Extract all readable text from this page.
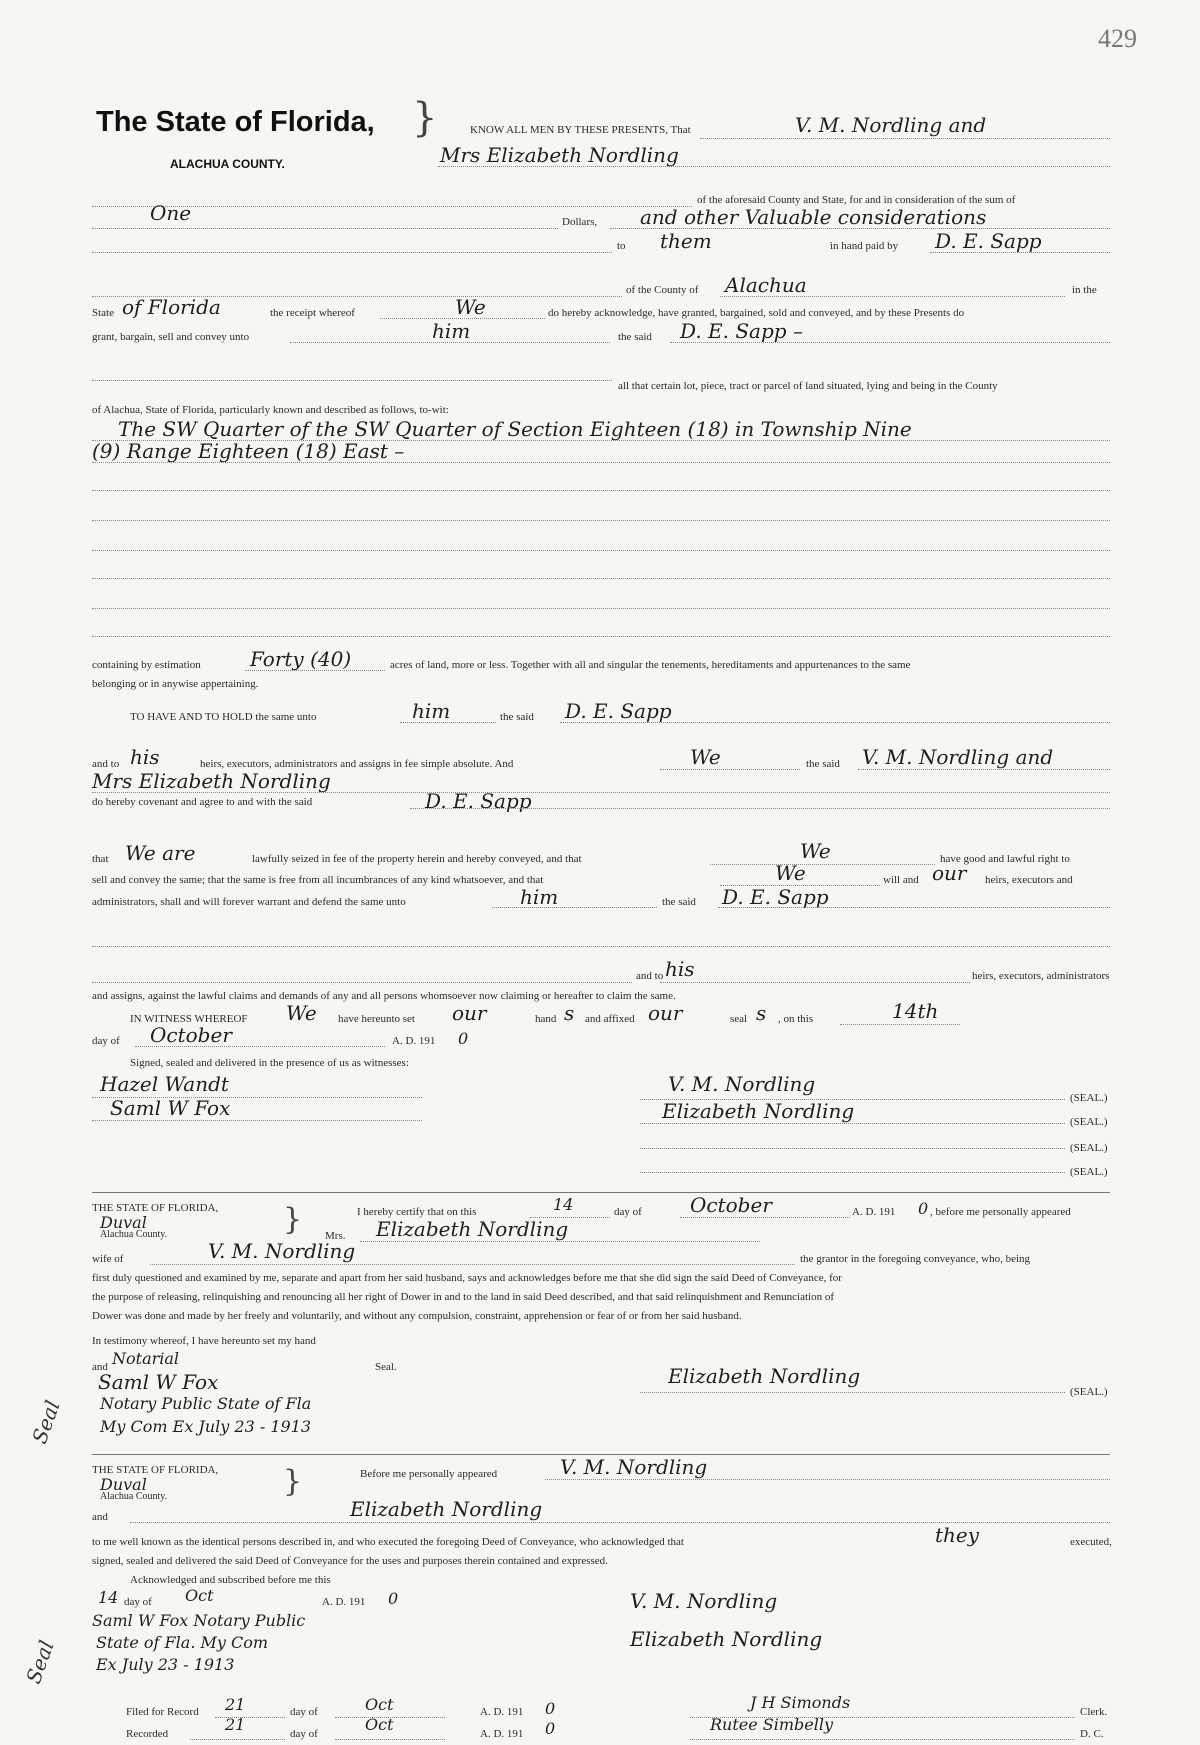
429
The State of Florida,
ALACHUA COUNTY.
}	KNOW ALL MEN BY THESE PRESENTS, That	V. M. Nordling and
Mrs Elizabeth Nordling
of the aforesaid County and State, for and in consideration of the sum of
One	Dollars, and other Valuable considerations
to them	in hand paid by D. E. Sapp
of the County of Alachua	in the
State of Florida	the receipt whereof	We	do hereby acknowledge, have granted, bargained, sold and conveyed, and by these Presents do
grant, bargain, sell and convey unto	him	the said D. E. Sapp –
all that certain lot, piece, tract or parcel of land situated, lying and being in the County
of Alachua, State of Florida, particularly known and described as follows, to-wit:
The SW Quarter of the SW Quarter of Section Eighteen (18) in Township Nine
(9) Range Eighteen (18) East –
containing by estimation Forty (40)	acres of land, more or less. Together with all and singular the tenements, hereditaments and appurtenances to the same
belonging or in anywise appertaining.
TO HAVE AND TO HOLD the same unto	him	the said D. E. Sapp
and to his	heirs, executors, administrators and assigns in fee simple absolute. And	We	the said V. M. Nordling and
Mrs Elizabeth Nordling
do hereby covenant and agree to and with the said	D. E. Sapp
that We are	lawfully seized in fee of the property herein and hereby conveyed, and that	We	have good and lawful right to
sell and convey the same; that the same is free from all incumbrances of any kind whatsoever, and that	We	will and our heirs, executors and
administrators, shall and will forever warrant and defend the same unto	him	the said D. E. Sapp
and to his	heirs, executors, administrators
and assigns, against the lawful claims and demands of any and all persons whomsoever now claiming or hereafter to claim the same.
IN WITNESS WHEREOF We have hereunto set our	hand s and affixed our	seal s , on this	14th
day of October	A. D. 191 0
Signed, sealed and delivered in the presence of us as witnesses:
Hazel Wandt
Saml W Fox
V. M. Nordling
Elizabeth Nordling
(SEAL.)
(SEAL.)
(SEAL.)
(SEAL.)
THE STATE OF FLORIDA,
Duval
Alachua County.	}	I hereby certify that on this	14	day of October	A. D. 191 0 , before me personally appeared
Mrs. Elizabeth Nordling
wife of	V. M. Nordling	the grantor in the foregoing conveyance, who, being
first duly questioned and examined by me, separate and apart from her said husband, says and acknowledges before me that she did sign the said Deed of Conveyance, for
the purpose of releasing, relinquishing and renouncing all her right of Dower in and to the land in said Deed described, and that said relinquishment and Renunciation of
Dower was done and made by her freely and voluntarily, and without any compulsion, constraint, apprehension or fear of or from her said husband.
In testimony whereof, I have hereunto set my hand
and Notarial	Seal.
Saml W Fox
Notary Public State of Fla
My Com Ex July 23 - 1913
Seal
Elizabeth Nordling
(SEAL.)
THE STATE OF FLORIDA,
Duval
Alachua County.	}	Before me personally appeared	V. M. Nordling
and	Elizabeth Nordling
to me well known as the identical persons described in, and who executed the foregoing Deed of Conveyance, who acknowledged that	they	executed,
signed, sealed and delivered the said Deed of Conveyance for the uses and purposes therein contained and expressed.
Acknowledged and subscribed before me this
14 day of Oct	A. D. 191 0
Saml W Fox Notary Public
State of Fla. My Com
Ex July 23 - 1913
Seal
V. M. Nordling
Elizabeth Nordling
Filed for Record 21	day of	Oct	A. D. 191 0	J H Simonds	Clerk.
Recorded	21	day of	Oct	A. D. 191 0	Rutee Simbelly	D. C.
